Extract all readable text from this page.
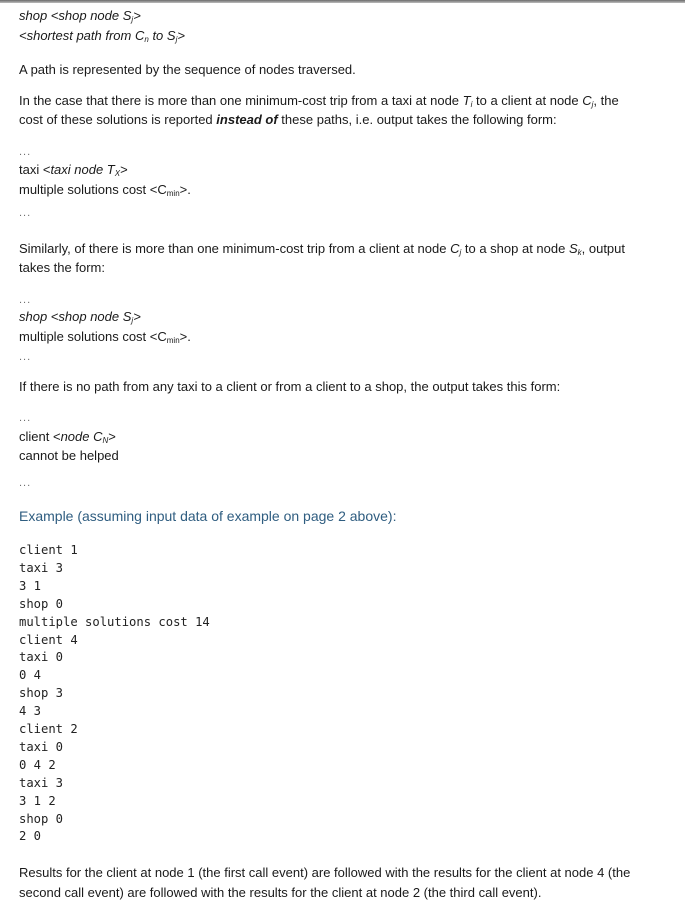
shop <shop node $S_j>$
<shortest path from $C_n$ to $S_j>$
A path is represented by the sequence of nodes traversed.
In the case that there is more than one minimum-cost trip from a taxi at node $T_i$ to a client at node $C_j$, the
cost of these solutions is reported instead of these paths, i.e. output takes the following form:
...
taxi <taxi node $T_X>$
multiple solutions $\cos t <C_{min}>$.
...
Similarly, of there is more than one minimum-cost trip from a client at node $C_j$ to a shop at node $S_k$, output
takes the form:
...
shop <shop node $S_j>$
multiple solutions $\cos t <C_{min}>$.
...
If there is no path from any taxi to a client or from a client to a shop, the output takes this form:
...
client <node $C_N>$
cannot be helped
...
Example (assuming input data of example on page 2 above):
client 1
taxi 3
3 1
shop 0
multiple solutions cost 14
client 4
taxi 0
0 4
shop 3
4 3
client 2
taxi 0
0 4 2
taxi 3
3 1 2
shop 0
2 0
Results for the client at node 1 (the first call event) are followed with the results for the client at node 4 (the
second call event) are followed with the results for the client at node 2 (the third call event).
